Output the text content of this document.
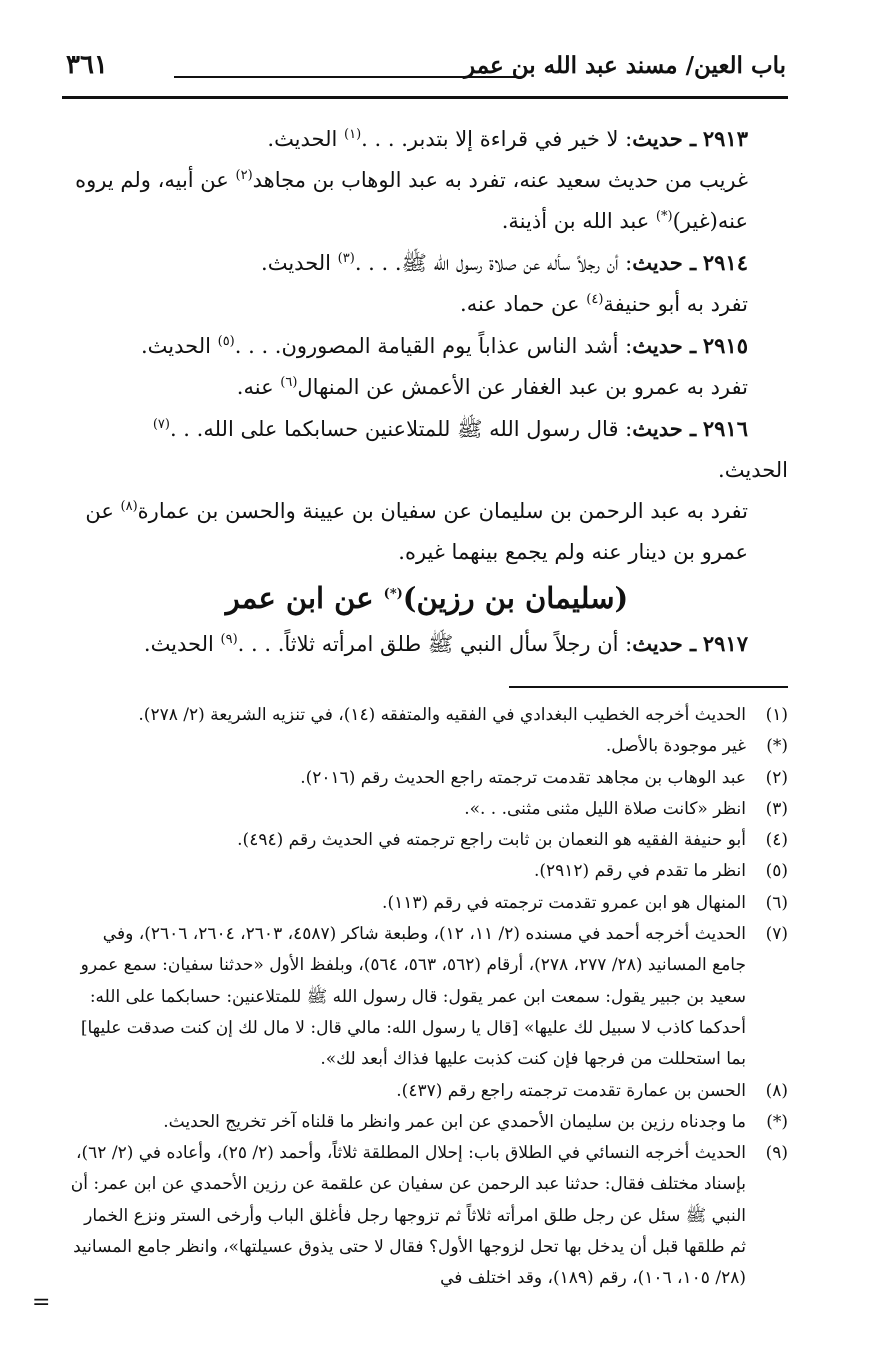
باب العين/ مسند عبد الله بن عمر
٣٦١

٢٩١٣ ـ حديث: لا خير في قراءة إلا بتدبر. . . .$^{(١)}$ الحديث.

غريب من حديث سعيد عنه، تفرد به عبد الوهاب بن مجاهد$^{(٢)}$ عن أبيه، ولم يروه عنه(غير)(*) عبد الله بن أذينة.

٢٩١٤ ـ حديث: أن رجلاً سأله عن صلاة رسول الله ﷺ. . . .$^{(٣)}$ الحديث.

تفرد به أبو حنيفة$^{(٤)}$ عن حماد عنه.

٢٩١٥ ـ حديث: أشد الناس عذاباً يوم القيامة المصورون. . . .$^{(٥)}$ الحديث.

تفرد به عمرو بن عبد الغفار عن الأعمش عن المنهال$^{(٦)}$ عنه.

٢٩١٦ ـ حديث: قال رسول الله ﷺ للمتلاعنين حسابكما على الله. . .$^{(٧)}$

الحديث.

تفرد به عبد الرحمن بن سليمان عن سفيان بن عيينة والحسن بن عمارة$^{(٨)}$ عن عمرو بن دينار عنه ولم يجمع بينهما غيره.

(سليمان بن رزين)(*) عن ابن عمر

٢٩١٧ ـ حديث: أن رجلاً سأل النبي ﷺ طلق امرأته ثلاثاً. . . .$^{(٩)}$ الحديث.

(١)
الحديث أخرجه الخطيب البغدادي في الفقيه والمتفقه (١٤)، في تنزيه الشريعة (٢/ ٢٧٨).
(*)
غير موجودة بالأصل.
(٢)
عبد الوهاب بن مجاهد تقدمت ترجمته راجع الحديث رقم (٢٠١٦).
(٣)
انظر «كانت صلاة الليل مثنى مثنى. . .».
(٤)
أبو حنيفة الفقيه هو النعمان بن ثابت راجع ترجمته في الحديث رقم (٤٩٤).
(٥)
انظر ما تقدم في رقم (٢٩١٢).
(٦)
المنهال هو ابن عمرو تقدمت ترجمته في رقم (١١٣).
(٧)
الحديث أخرجه أحمد في مسنده (٢/ ١١، ١٢)، وطبعة شاكر (٤٥٨٧، ٢٦٠٣، ٢٦٠٤، ٢٦٠٦)، وفي جامع المسانيد (٢٨/ ٢٧٧، ٢٧٨)، أرقام (٥٦٢، ٥٦٣، ٥٦٤)، وبلفظ الأول «حدثنا سفيان: سمع عمرو سعيد بن جبير يقول: سمعت ابن عمر يقول: قال رسول الله ﷺ للمتلاعنين: حسابكما على الله: أحدكما كاذب لا سبيل لك عليها» [قال يا رسول الله: مالي قال: لا مال لك إن كنت صدقت عليها] بما استحللت من فرجها فإن كنت كذبت عليها فذاك أبعد لك».
(٨)
الحسن بن عمارة تقدمت ترجمته راجع رقم (٤٣٧).
(*)
ما وجدناه رزين بن سليمان الأحمدي عن ابن عمر وانظر ما قلناه آخر تخريج الحديث.
(٩)
الحديث أخرجه النسائي في الطلاق باب: إحلال المطلقة ثلاثاً، وأحمد (٢/ ٢٥)، وأعاده في (٢/ ٦٢)، بإسناد مختلف فقال: حدثنا عبد الرحمن عن سفيان عن علقمة عن رزين الأحمدي عن ابن عمر: أن النبي ﷺ سئل عن رجل طلق امرأته ثلاثاً ثم تزوجها رجل فأغلق الباب وأرخى الستر ونزع الخمار ثم طلقها قبل أن يدخل بها تحل لزوجها الأول؟ فقال لا حتى يذوق عسيلتها»، وانظر جامع المسانيد (٢٨/ ١٠٥، ١٠٦)، رقم (١٨٩)، وقد اختلف في
=
